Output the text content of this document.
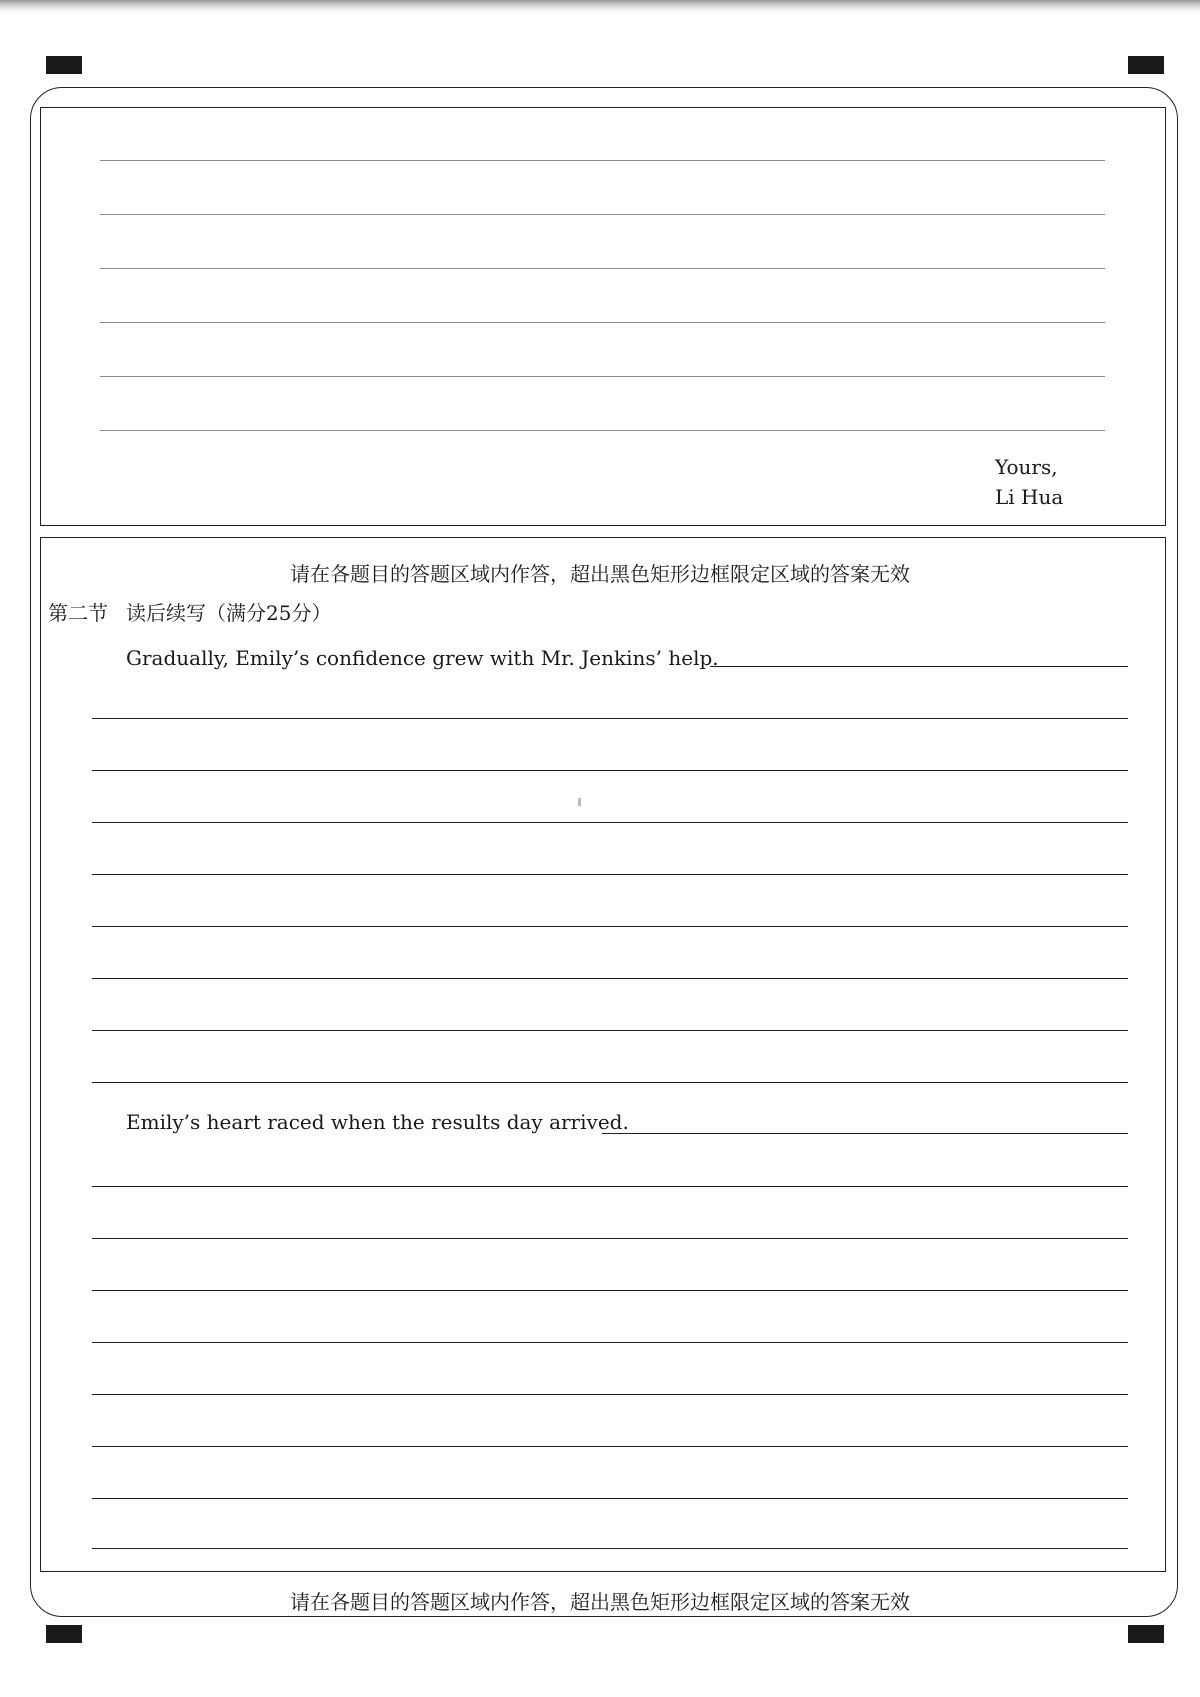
Yours,
Li Hua
请在各题目的答题区域内作答，超出黑色矩形边框限定区域的答案无效
第二节 读后续写（满分25分）
Gradually, Emily’s confidence grew with Mr. Jenkins’ help.
Emily’s heart raced when the results day arrived.
请在各题目的答题区域内作答，超出黑色矩形边框限定区域的答案无效
